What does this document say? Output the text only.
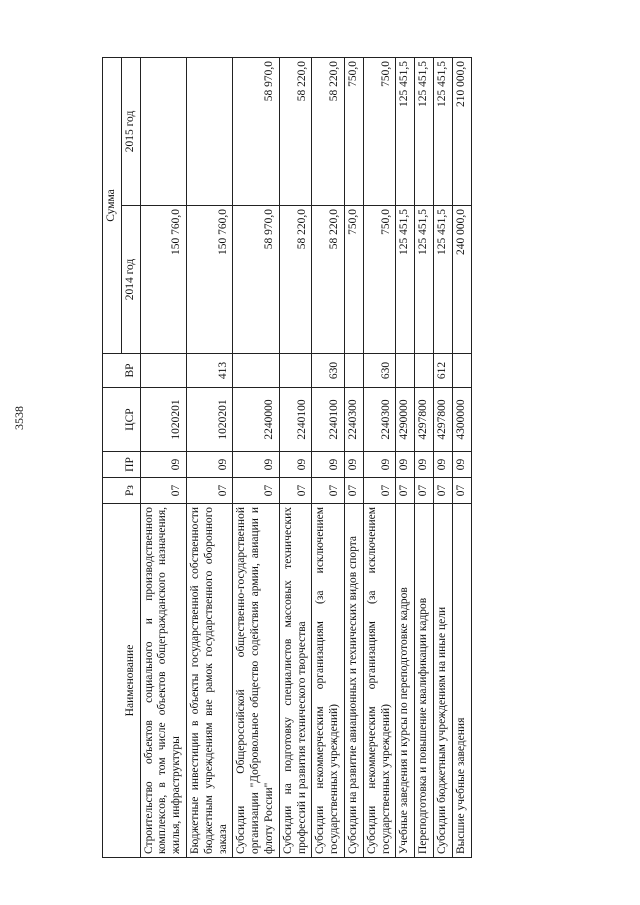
3538
Наименование	Рз	ПР	ЦСР	ВР	Сумма	
					2014 год	2015 год
Строительство объектов социального и производственного комплексов, в том числе объектов общегражданского назначения, жилья, инфраструктуры	07	09	1020201		150 760,0	
Бюджетные инвестиции в объекты государственной собственности бюджетным учреждениям вне рамок государственного оборонного заказа	07	09	1020201	413	150 760,0	
Субсидии Общероссийской общественно-государственной организации "Добровольное общество содействия армии, авиации и флоту России"	07	09	2240000		58 970,0	58 970,0
Субсидии на подготовку специалистов массовых технических профессий и развития технического творчества	07	09	2240100		58 220,0	58 220,0
Субсидии некоммерческим организациям (за исключением государственных учреждений)	07	09	2240100	630	58 220,0	58 220,0
Субсидии на развитие авиационных и технических видов спорта	07	09	2240300		750,0	750,0
Субсидии некоммерческим организациям (за исключением государственных учреждений)	07	09	2240300	630	750,0	750,0
Учебные заведения и курсы по переподготовке кадров	07	09	4290000		125 451,5	125 451,5
Переподготовка и повышение квалификации кадров	07	09	4297800		125 451,5	125 451,5
Субсидии бюджетным учреждениям на иные цели	07	09	4297800	612	125 451,5	125 451,5
Высшие учебные заведения	07	09	4300000		240 000,0	210 000,0
